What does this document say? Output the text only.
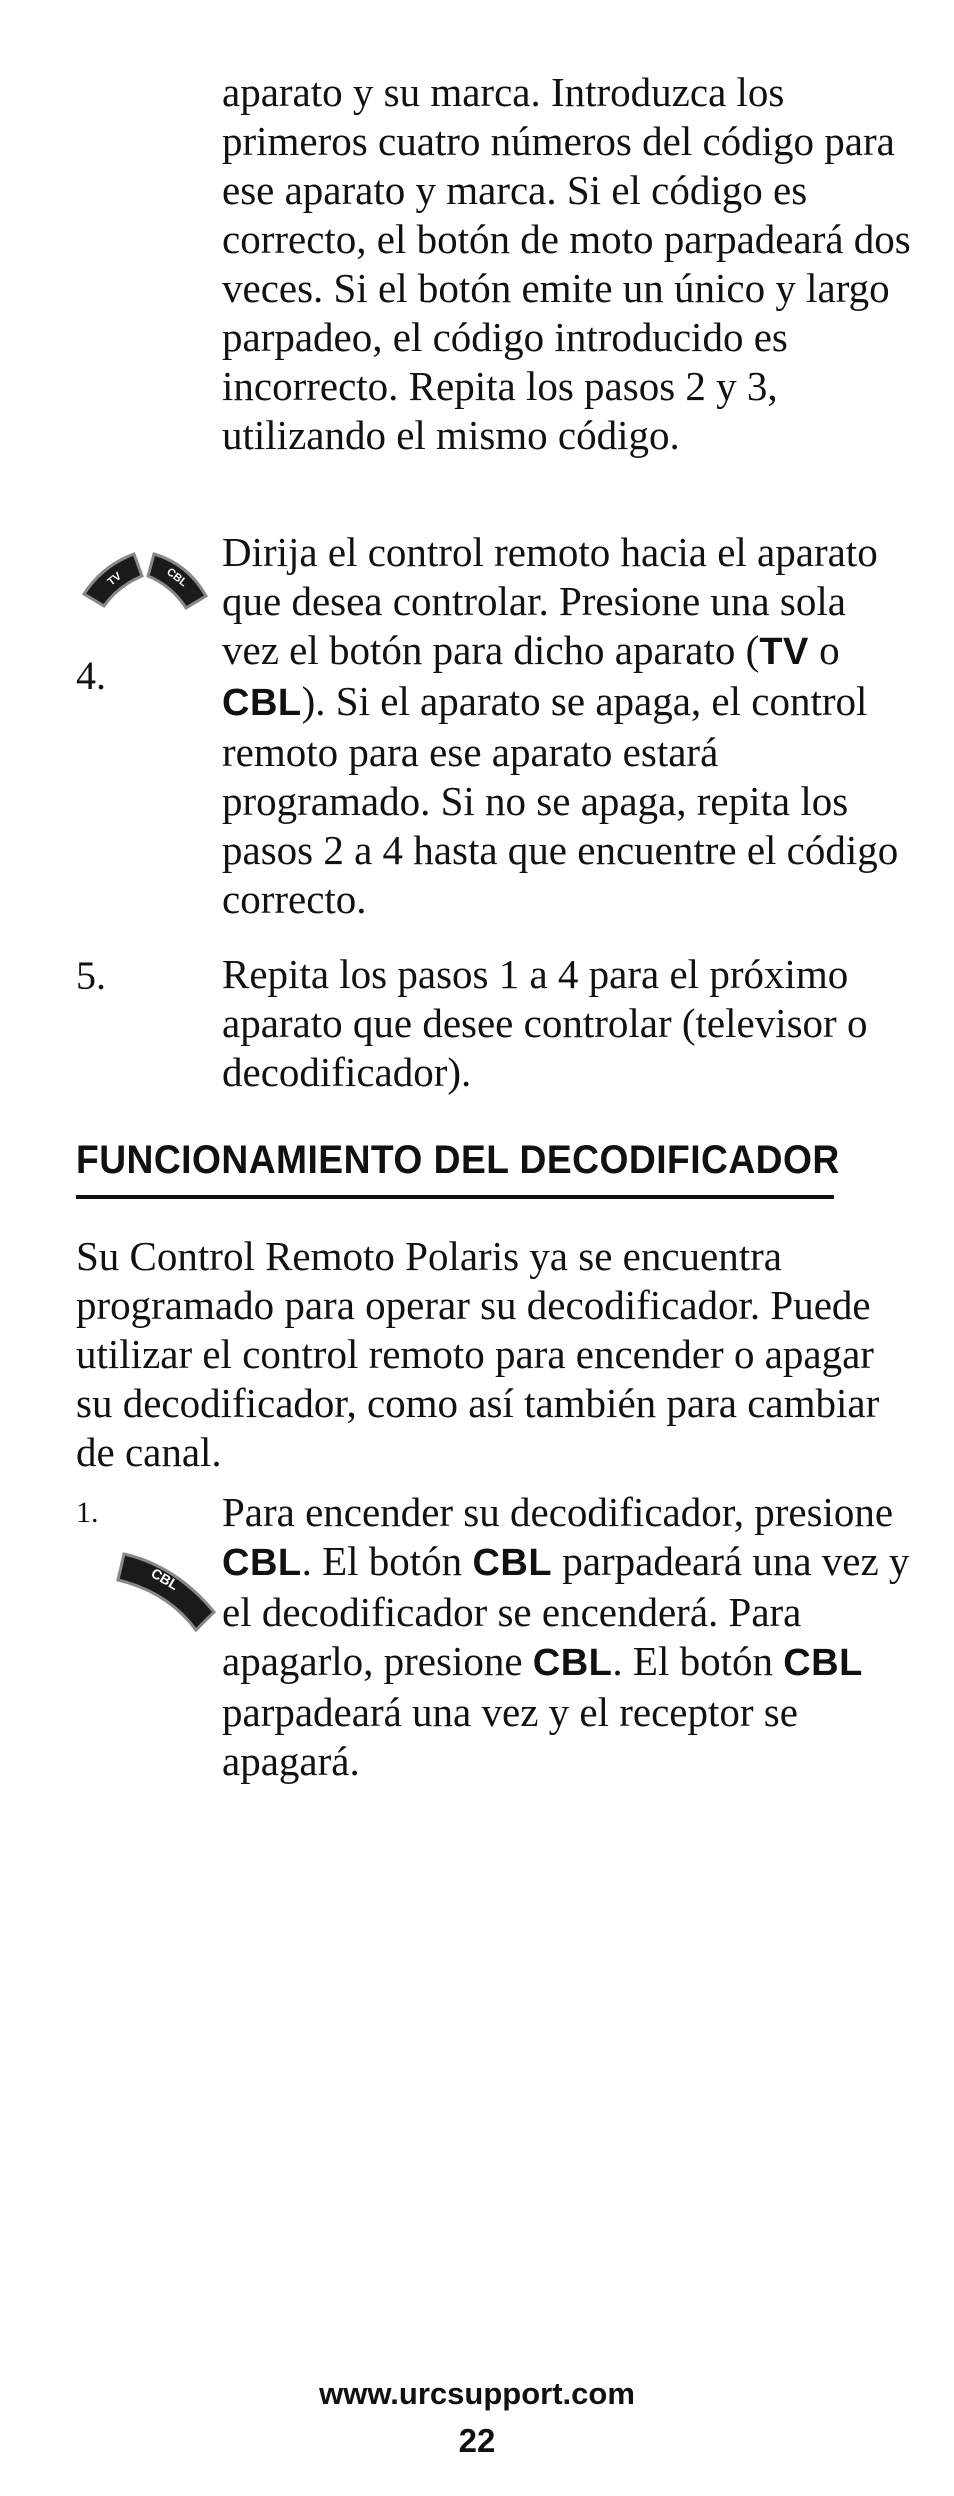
aparato y su marca. Introduzca los primeros cuatro números del código para ese aparato y marca. Si el código es correcto, el botón de moto parpadeará dos veces. Si el botón emite un único y largo parpadeo, el código introducido es incorrecto. Repita los pasos 2 y 3, utilizando el mismo código.

TV	CBL
4.

Dirija el control remoto hacia el aparato que desea controlar. Presione una sola vez el botón para dicho aparato (TV o CBL). Si el aparato se apaga, el control remoto para ese aparato estará programado. Si no se apaga, repita los pasos 2 a 4 hasta que encuentre el código correcto.

5.	Repita los pasos 1 a 4 para el próximo aparato que desee controlar (televisor o decodificador).

FUNCIONAMIENTO DEL DECODIFICADOR

Su Control Remoto Polaris ya se encuentra programado para operar su decodificador. Puede utilizar el control remoto para encender o apagar su decodificador, como así también para cambiar de canal.

1.
CBL

Para encender su decodificador, presione CBL. El botón CBL parpadeará una vez y el decodificador se encenderá. Para apagarlo, presione CBL. El botón CBL parpadeará una vez y el receptor se apagará.

www.urcsupport.com
22
